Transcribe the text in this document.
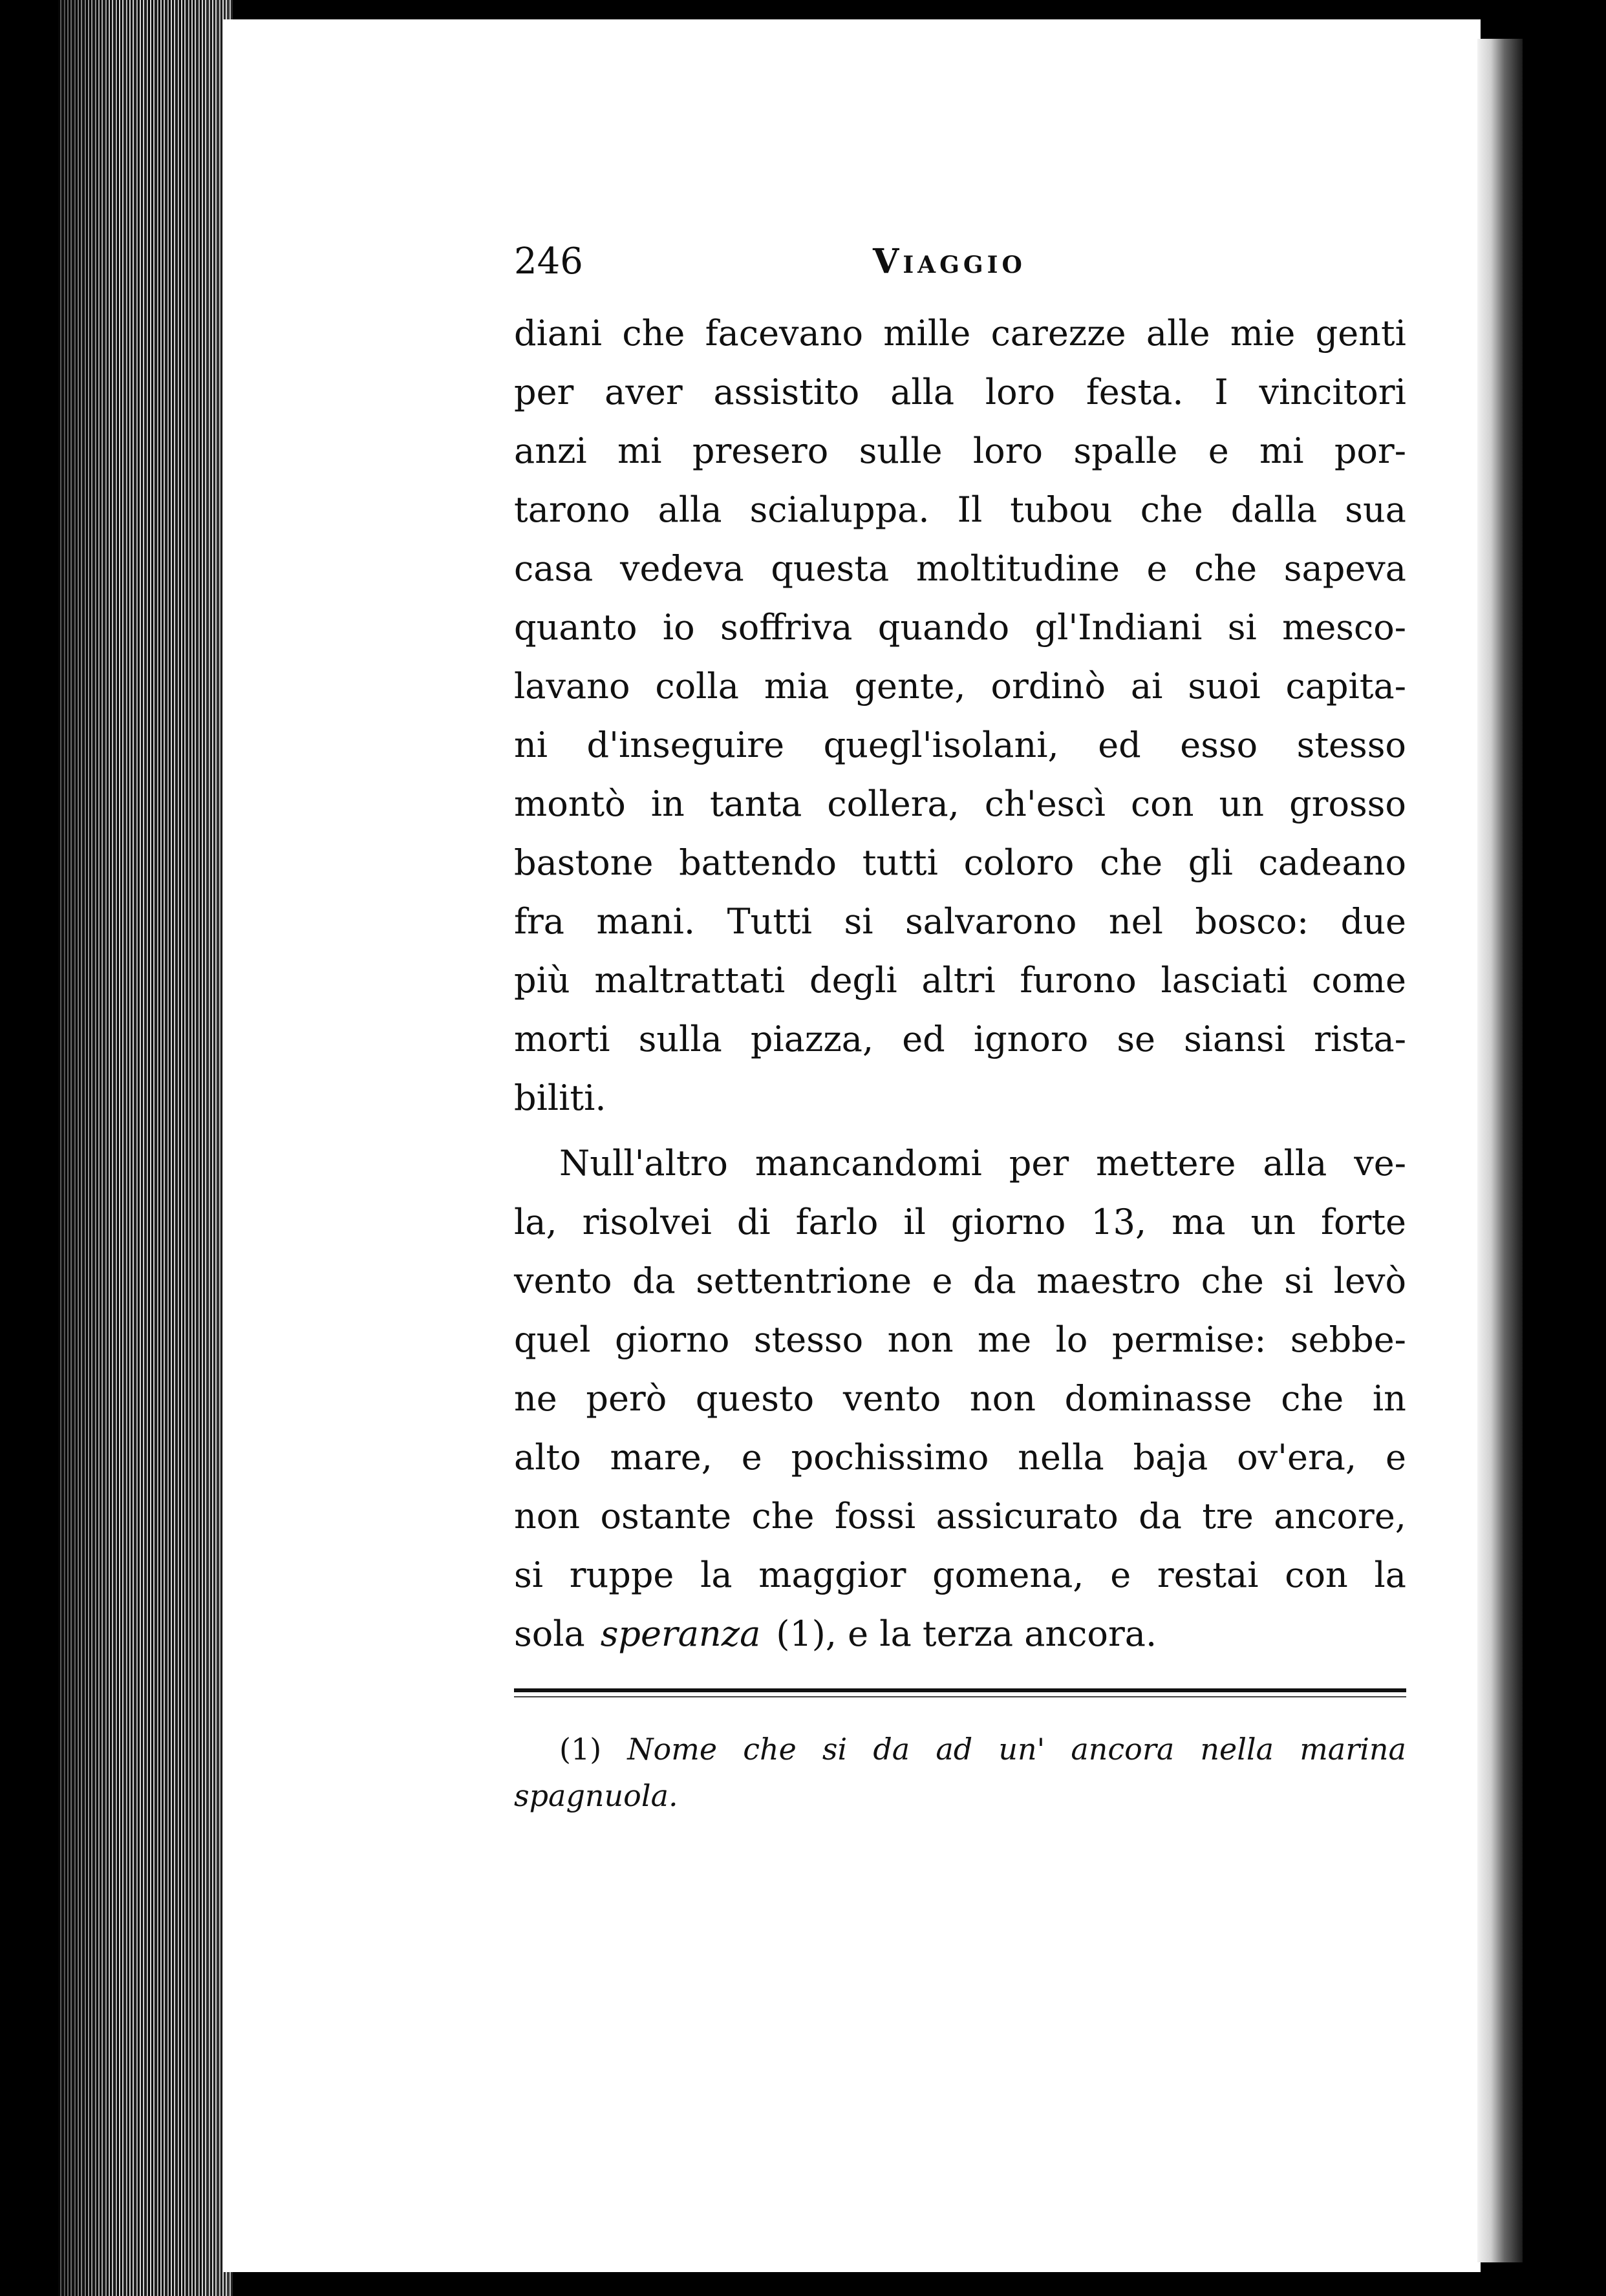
246	Viaggio
diani che facevano mille carezze alle mie genti
per aver assistito alla loro festa. I vincitori
anzi mi presero sulle loro spalle e mi por-
tarono alla scialuppa. Il tubou che dalla sua
casa vedeva questa moltitudine e che sapeva
quanto io soffriva quando gl'Indiani si mesco-
lavano colla mia gente, ordinò ai suoi capita-
ni d'inseguire quegl'isolani, ed esso stesso
montò in tanta collera, ch'escì con un grosso
bastone battendo tutti coloro che gli cadeano
fra mani. Tutti si salvarono nel bosco: due
più maltrattati degli altri furono lasciati come
morti sulla piazza, ed ignoro se siansi rista-
biliti.
Null'altro mancandomi per mettere alla ve-
la, risolvei di farlo il giorno 13, ma un forte
vento da settentrione e da maestro che si levò
quel giorno stesso non me lo permise: sebbe-
ne però questo vento non dominasse che in
alto mare, e pochissimo nella baja ov'era, e
non ostante che fossi assicurato da tre ancore,
si ruppe la maggior gomena, e restai con la
sola speranza (1), e la terza ancora.
(1) Nome che si da ad un' ancora nella marina
spagnuola.
